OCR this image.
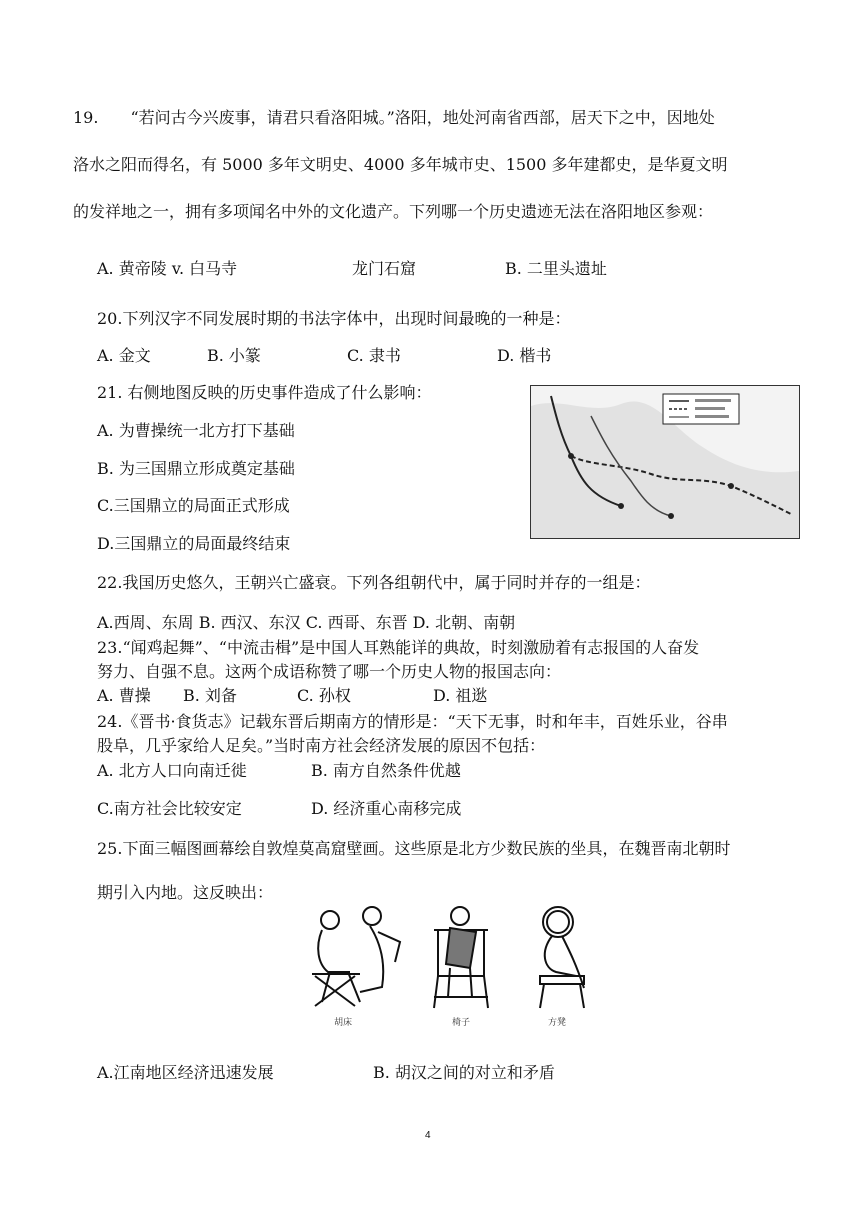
19.　　“若问古今兴废事，请君只看洛阳城。”洛阳，地处河南省西部，居天下之中，因地处

洛水之阳而得名，有 5000 多年文明史、4000 多年城市史、1500 多年建都史，是华夏文明

的发祥地之一，拥有多项闻名中外的文化遗产。下列哪一个历史遗迹无法在洛阳地区参观：

A. 黄帝陵 v. 白马寺	龙门石窟	B. 二里头遗址
20.下列汉字不同发展时期的书法字体中，出现时间最晚的一种是：
A. 金文	B. 小篆	C. 隶书	D. 楷书
21. 右侧地图反映的历史事件造成了什么影响：
A. 为曹操统一北方打下基础
B. 为三国鼎立形成奠定基础
C.三国鼎立的局面正式形成
D.三国鼎立的局面最终结束
22.我国历史悠久，王朝兴亡盛衰。下列各组朝代中，属于同时并存的一组是：
A.西周、东周 B. 西汉、东汉 C. 西哥、东晋 D. 北朝、南朝
23.“闻鸡起舞”、“中流击楫”是中国人耳熟能详的典故，时刻激励着有志报国的人奋发
努力、自强不息。这两个成语称赞了哪一个历史人物的报国志向：
A. 曹操 B. 刘备	C. 孙权	D. 祖逖
24.《晋书·食货志》记载东晋后期南方的情形是：“天下无事，时和年丰，百姓乐业，谷串
股阜，几乎家给人足矣。”当时南方社会经济发展的原因不包括：
A. 北方人口向南迁徙	B. 南方自然条件优越
C.南方社会比较安定	D. 经济重心南移完成
25.下面三幅图画幕绘自敦煌莫高窟壁画。这些原是北方少数民族的坐具，在魏晋南北朝时
期引入内地。这反映出：
胡床	椅子	方凳
A.江南地区经济迅速发展	B. 胡汉之间的对立和矛盾
4
